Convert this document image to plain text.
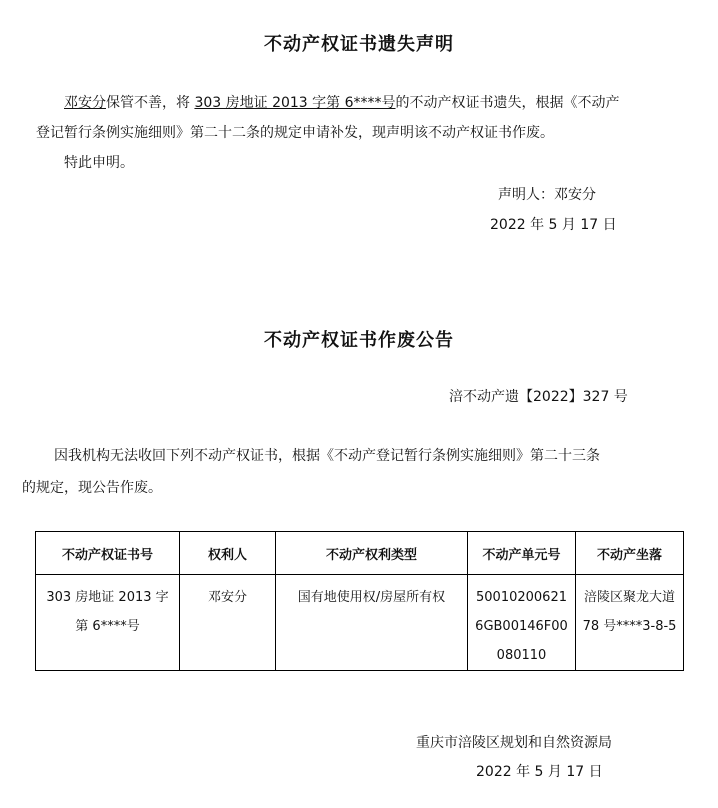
不动产权证书遗失声明
邓安分保管不善，将 303 房地证 2013 字第 6****号的不动产权证书遗失，根据《不动产
登记暂行条例实施细则》第二十二条的规定申请补发，现声明该不动产权证书作废。
特此申明。
声明人：邓安分
2022 年 5 月 17 日
不动产权证书作废公告
涪不动产遗【2022】327 号
因我机构无法收回下列不动产权证书，根据《不动产登记暂行条例实施细则》第二十三条
的规定，现公告作废。
不动产权证书号	权利人	不动产权利类型	不动产单元号	不动产坐落
303 房地证 2013 字第 6****号	邓安分	国有地使用权/房屋所有权	500102006216GB00146F00080110	涪陵区聚龙大道 78 号****3-8-5
重庆市涪陵区规划和自然资源局
2022 年 5 月 17 日
